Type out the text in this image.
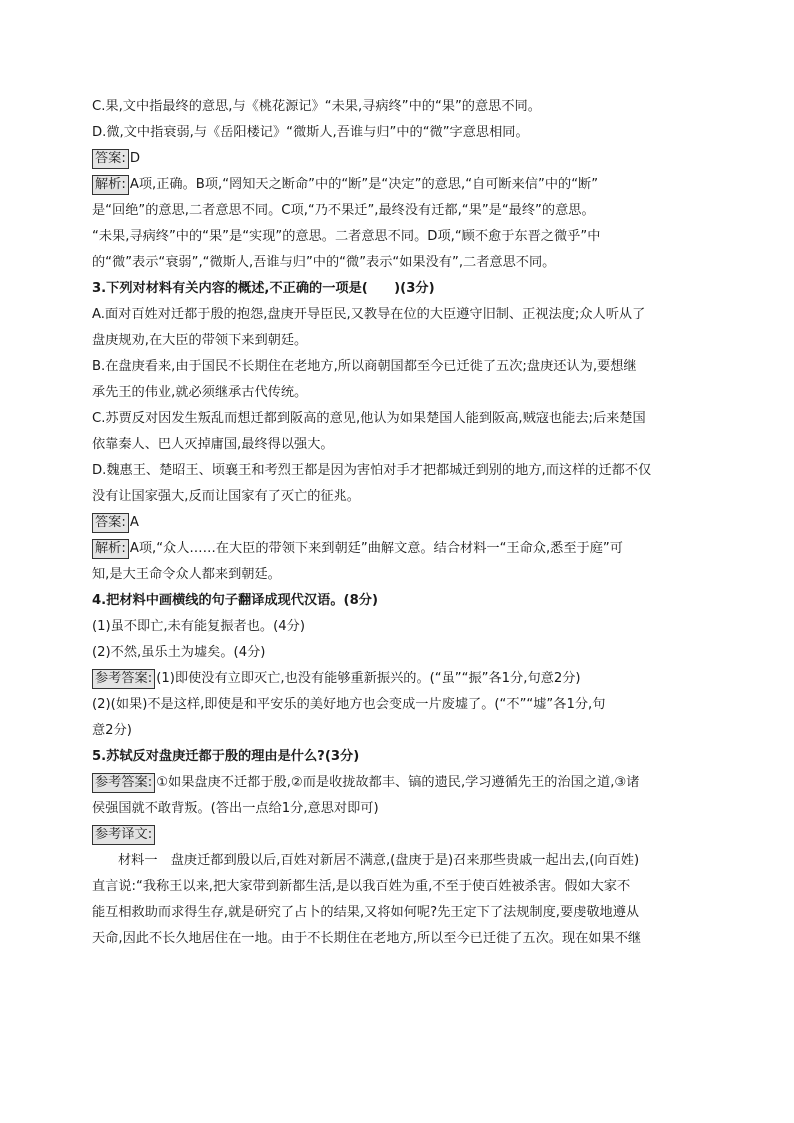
C.果,文中指最终的意思,与《桃花源记》“未果,寻病终”中的“果”的意思不同。
D.微,文中指衰弱,与《岳阳楼记》“微斯人,吾谁与归”中的“微”字意思相同。
答案: D
解析: A项,正确。B项,“罔知天之断命”中的“断”是“决定”的意思,“自可断来信”中的“断”
是“回绝”的意思,二者意思不同。C项,“乃不果迁”,最终没有迁都,“果”是“最终”的意思。
“未果,寻病终”中的“果”是“实现”的意思。二者意思不同。D项,“顾不愈于东晋之微乎”中
的“微”表示“衰弱”,“微斯人,吾谁与归”中的“微”表示“如果没有”,二者意思不同。
3.下列对材料有关内容的概述,不正确的一项是(　　)(3分)
A.面对百姓对迁都于殷的抱怨,盘庚开导臣民,又教导在位的大臣遵守旧制、正视法度;众人听从了
盘庚规劝,在大臣的带领下来到朝廷。
B.在盘庚看来,由于国民不长期住在老地方,所以商朝国都至今已迁徙了五次;盘庚还认为,要想继
承先王的伟业,就必须继承古代传统。
C.苏贾反对因发生叛乱而想迁都到阪高的意见,他认为如果楚国人能到阪高,贼寇也能去;后来楚国
依靠秦人、巴人灭掉庸国,最终得以强大。
D.魏惠王、楚昭王、顷襄王和考烈王都是因为害怕对手才把都城迁到别的地方,而这样的迁都不仅
没有让国家强大,反而让国家有了灭亡的征兆。
答案: A
解析: A项,“众人……在大臣的带领下来到朝廷”曲解文意。结合材料一“王命众,悉至于庭”可
知,是大王命令众人都来到朝廷。
4.把材料中画横线的句子翻译成现代汉语。(8分)
(1)虽不即亡,未有能复振者也。(4分)
(2)不然,虽乐土为墟矣。(4分)
参考答案: (1)即使没有立即灭亡,也没有能够重新振兴的。(“虽”“振”各1分,句意2分)
(2)(如果)不是这样,即使是和平安乐的美好地方也会变成一片废墟了。(“不”“墟”各1分,句
意2分)
5.苏轼反对盘庚迁都于殷的理由是什么?(3分)
参考答案: ①如果盘庚不迁都于殷,②而是收拢故都丰、镐的遗民,学习遵循先王的治国之道,③诸
侯强国就不敢背叛。(答出一点给1分,意思对即可)
参考译文:
材料一　盘庚迁都到殷以后,百姓对新居不满意,(盘庚于是)召来那些贵戚一起出去,(向百姓)
直言说:“我称王以来,把大家带到新都生活,是以我百姓为重,不至于使百姓被杀害。假如大家不
能互相救助而求得生存,就是研究了占卜的结果,又将如何呢?先王定下了法规制度,要虔敬地遵从
天命,因此不长久地居住在一地。由于不长期住在老地方,所以至今已迁徙了五次。现在如果不继
